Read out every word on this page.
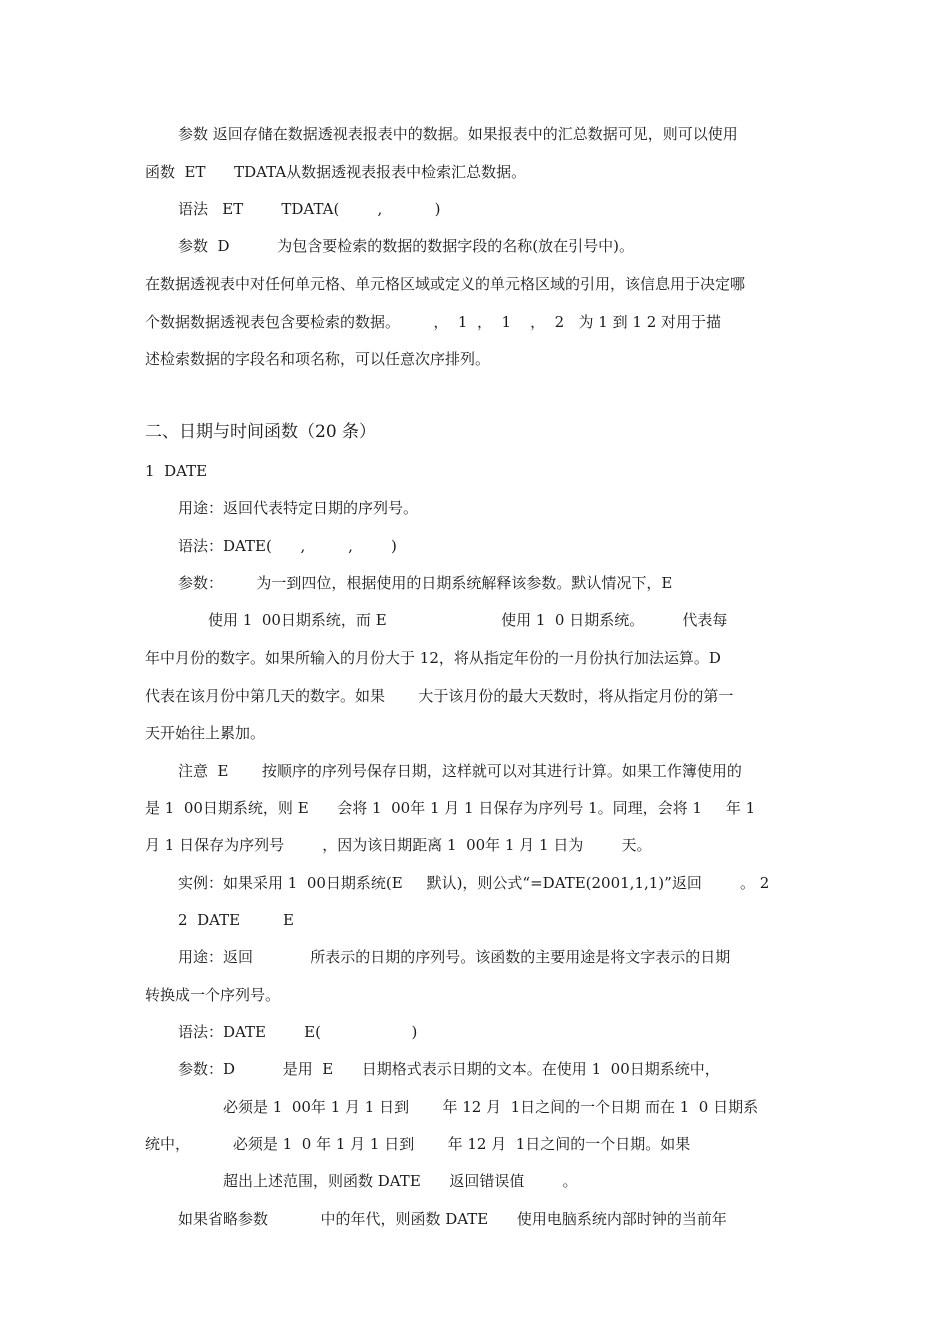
参数 返回存储在数据透视表报表中的数据。如果报表中的汇总数据可见，则可以使用
函数  ET      TDATA从数据透视表报表中检索汇总数据。
语法   ET        TDATA(        ,           )
参数  D          为包含要检索的数据的数据字段的名称(放在引号中)。
在数据透视表中对任何单元格、单元格区域或定义的单元格区域的引用，该信息用于决定哪
个数据数据透视表包含要检索的数据。       ，  1  ，  1    ，  2   为 1 到 1 2 对用于描
述检索数据的字段名和项名称，可以任意次序排列。
二、日期与时间函数（20 条）
1  DATE
用途：返回代表特定日期的序列号。
语法：DATE(      ,         ,        )
参数：       为一到四位，根据使用的日期系统解释该参数。默认情况下，E
使用 1  00日期系统，而 E                        使用 1  0 日期系统。        代表每
年中月份的数字。如果所输入的月份大于 12，将从指定年份的一月份执行加法运算。D
代表在该月份中第几天的数字。如果       大于该月份的最大天数时，将从指定月份的第一
天开始往上累加。
注意  E       按顺序的序列号保存日期，这样就可以对其进行计算。如果工作簿使用的
是 1  00日期系统，则 E      会将 1  00年 1 月 1 日保存为序列号 1。同理，会将 1     年 1
月 1 日保存为序列号        ，因为该日期距离 1  00年 1 月 1 日为        天。
实例：如果采用 1  00日期系统(E     默认)，则公式“=DATE(2001,1,1)”返回        。 2
2  DATE         E
用途：返回            所表示的日期的序列号。该函数的主要用途是将文字表示的日期
转换成一个序列号。
语法：DATE        E(                   )
参数：D          是用  E      日期格式表示日期的文本。在使用 1  00日期系统中，
必须是 1  00年 1 月 1 日到       年 12 月  1日之间的一个日期 而在 1  0 日期系
统中，         必须是 1  0 年 1 月 1 日到       年 12 月  1日之间的一个日期。如果
超出上述范围，则函数 DATE      返回错误值        。
如果省略参数           中的年代，则函数 DATE      使用电脑系统内部时钟的当前年
